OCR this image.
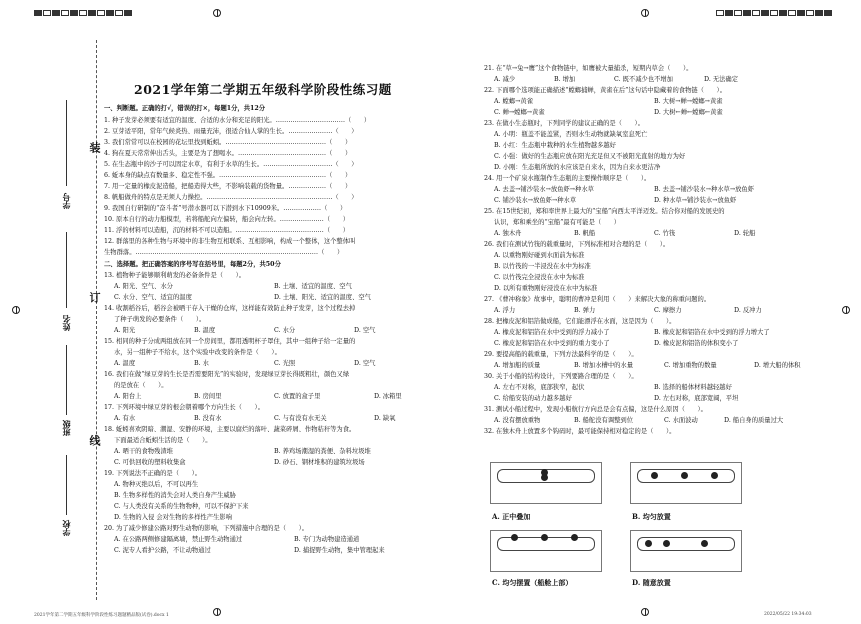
装
订
线
学号
姓名
班级
学校
2021学年第二学期五年级科学阶段性练习题
一、判断题。正确的打√，错误的打×，每题1分，共12分
1. 种子发芽必须要有适宜的温度、合适的水分和充足的阳光。……………………………（　　）
2. 豆芽适平阳，常年气候炎热、雨量充沛，很适合仙人掌的生长。…………………（　　）
3. 我们常常可以在校园的花坛里找到蚯蚓。…………………………………………（　　）
4. 狗在夏天常常伸出舌头，主要是为了想喝水。……………………………………（　　）
5. 在生态瓶中的沙子可以固定水草，有利于水草的生长。……………………………（　　）
6. 蚯本身的缺点有数量多、稳定性不强。……………………………………………（　　）
7. 用一定量的橡皮泥造船，把船造得大些，不影响装载的货物量。………………（　　）
8. 帆船做舟的特点是无须人力操控。……………………………………………………（　　）
9. 我国自行研制的“奋斗者”号潜水器可以下潜到水下10909米。………………（　　）
10. 原本自行的动力船模型，若将船舵向左偏转，船会向左转。…………………（　　）
11. 浮的材料可以造船，沉的材料不可以造船。……………………………………（　　）
12. 群落里的各种生物与环境中的非生物互相联系、互相影响，构成一个整体，这个整体叫
生物群落。……………………………………………………………………………（　　）
二、选择题。把正确答案的序号写在括号里，每题2分，共50分
13. 植物种子能够顺利萌发的必备条件是（　　）。
A. 阳光、空气、水分	B. 土壤、适宜的温度、空气
C. 水分、空气、适宜的温度	D. 土壤、阳光、适宜的温度、空气
14. 收割稻谷后，稻谷会被晒干存入干燥的仓库，这样能有效防止种子发芽，这个过程去掉
了种子萌发的必要条件（　　）。
A. 阳光	B. 温度	C. 水分	D. 空气
15. 相同的种子分成两组放在同一个房间里，都用透明杯子罩住，其中一组种子给一定量的
水，另一组种子不给水，这个实验中改变的条件是（　　）。
A. 温度	B. 水	C. 光照	D. 空气
16. 我们在做“绿豆芽的生长是否需要阳光”的实验时，发现绿豆芽长得既粗壮，颜色又绿
的是放在（　　）。
A. 阳台上	B. 房间里	C. 放置的盒子里	D. 冰箱里
17. 下列环境中绿豆芽的根会朝着哪个方向生长（　　）。
A. 有水	B. 没有水	C. 与有没有水无关	D. 缺氧
18. 蚯蚓喜欢阴暗、潮湿、安静的环境，主要以腐烂的落叶、蔬菜碎屑、作物秸秆等为食。
下面最适合蚯蚓生活的是（　　）。
A. 晒干的食物残渣堆	B. 养鸡场潮湿的粪便、杂料垃圾堆
C. 可供回收的塑料收集盒	D. 砂石、钢材堆积的建筑垃圾场
19. 下列说法不正确的是（　　）。
A. 物种灭绝以后，不可以再生
B. 生物多样性的消失会对人类自身产生威胁
C. 与人类没有关系的生物物种，可以不保护下来
D. 生物的入侵 会对生物的多样性产生影响
20. 为了减少修建公路对野生动物的影响，下列措施中合理的是（　　）。
A. 在公路两侧修建隔离墙，禁止野生动物通过	B. 专门为动物建造通道
C. 泥专人看护公路，不让动物通过	D. 捕捉野生动物，集中管理起来
21. 在“草→兔→鹰”这个食物链中，如鹰被大量捕杀，短期内草会（　　）。
A. 减少	B. 增加	C. 既不减少也不增加	D. 无法确定
22. 下面哪个选项能正确描述“螳螂捕蝉，黄雀在后”这句话中隐藏着的食物链（　　）。
A. 螳螂→黄雀	B. 大树→蝉→螳螂→黄雀
C. 蝉→螳螂→黄雀	D. 大树←蝉←螳螂←黄雀
23. 在做小生态瓶时，下列同学的建议正确的是（　　）。
A. 小明：瓶盖不能盖紧，否则水生动物就缺氧室息死亡
B. 小红：生态瓶中栽种的水生植物越多越好
C. 小强：做好的生态瓶应放在阳光充足但又不被阳光直射的地方为好
D. 小刚：生态瓶所放的水应该是自来水，因为自来水更洁净
24. 用一个矿泉水瓶制作生态瓶的主要操作顺序是（　　）。
A. 去盖→铺沙装水→放鱼虾→种水草	B. 去盖→铺沙装水→种水草→放鱼虾
C. 铺沙装水→放鱼虾→种水草	D. 种水草→铺沙装水→放鱼虾
25. 在15世纪初，郑和率世界上最大的“宝船”向西太平洋迈发。结合你对船的发展史的
认识，郑和乘坐的“宝船”最有可能是（　　）
A. 独木舟	B. 帆船	C. 竹筏	D. 轮船
26. 我们在测试竹筏的载重量时，下列标准相对合理的是（　　）。
A. 以重物刚好碰到水面前为标准
B. 以竹筏的一半浸没在水中为标准
C. 以竹筏完全浸没在水中为标准
D. 以所有重物刚好浸没在水中为标准
27. 《曹冲称象》故事中，聪明的曹冲是利用（　　）来解决大象的称重问题的。
A. 浮力	B. 弹力	C. 摩擦力	D. 反冲力
28. 把橡皮泥和铝箔做成船，它们能漂浮在水面，这是因为（　　）。
A. 橡皮泥和铝箔在水中受到的浮力减小了	B. 橡皮泥和铝箔在水中受到的浮力增大了
C. 橡皮泥和铝箔在水中受到的重力变小了	D. 橡皮泥和铝箔的体积变小了
29. 要提高船的载重量，下列方法最科学的是（　　）。
A. 增加船的质量	B. 增加水槽中的水量	C. 增加重物的数量	D. 增大船的体积
30. 关于小船的结构设计，下列要路合理的是（　　）。
A. 左右不对称，底部狭窄，起伏	B. 选择的船体材料越轻越好
C. 给船安装的动力越多越好	D. 左右对称，底部宽阔，平坦
31. 测试小船过程中，发现小船航行方向总是会有点偏，这是什么原因（　　）。
A. 没有摆放重物	B. 船舵没有调整到位	C. 水面波动	D. 船自身的质量过大
32. 在独木舟上放置多个钩码时，最可能保持相对稳定的是（　　）。
A. 正中叠加	B. 均匀放置
C. 均匀摆置（船舱上部）	D. 随意放置
2021学年第二学期五年级科学阶段性练习题题精品版(试卷).docx 1	2022/05/22 19:34:03
